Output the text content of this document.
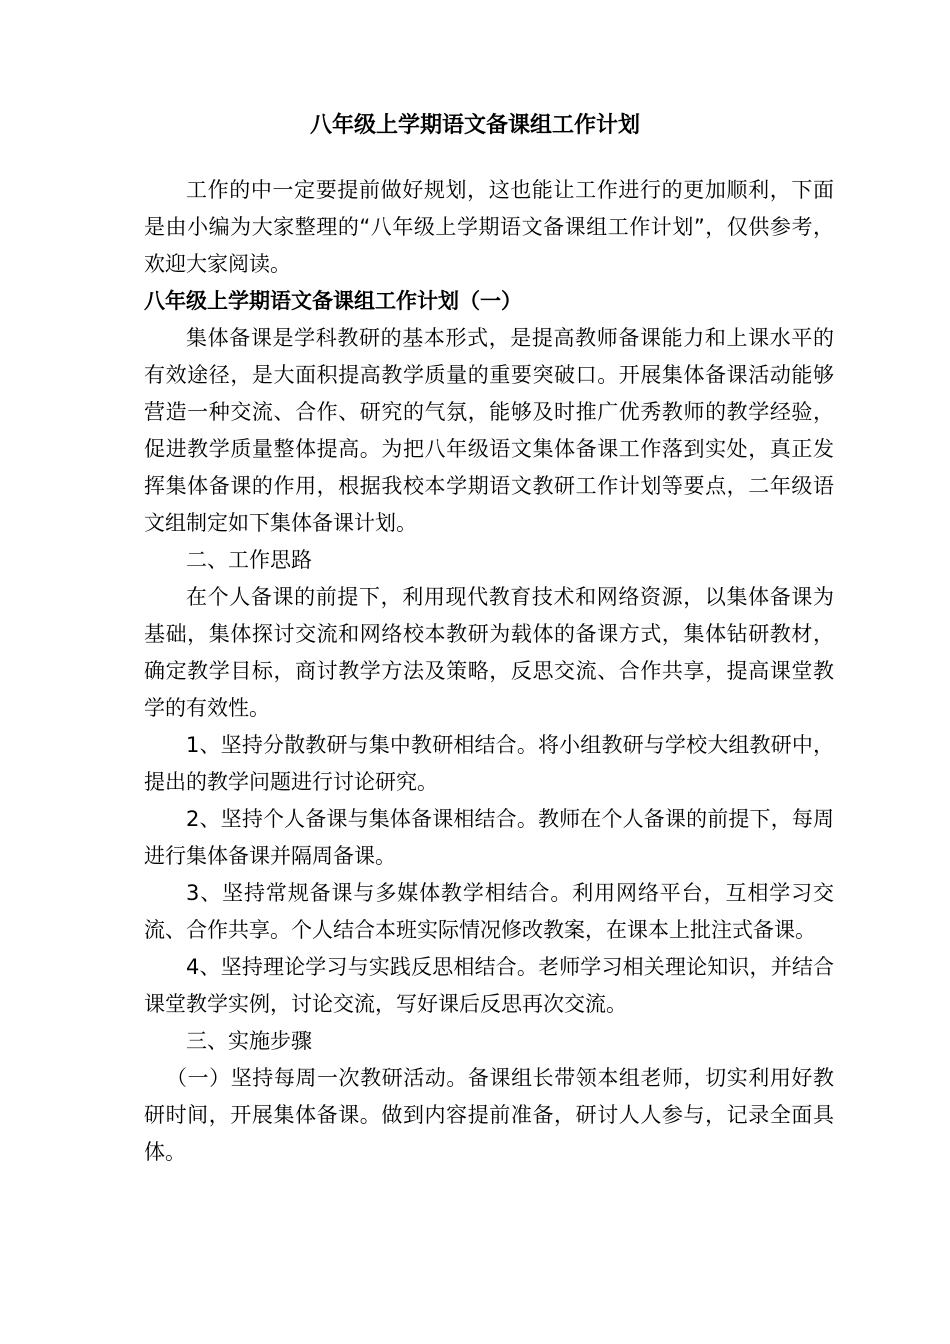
八年级上学期语文备课组工作计划

工作的中一定要提前做好规划，这也能让工作进行的更加顺利，下面是由小编为大家整理的“八年级上学期语文备课组工作计划”，仅供参考，欢迎大家阅读。

八年级上学期语文备课组工作计划（一）

集体备课是学科教研的基本形式，是提高教师备课能力和上课水平的有效途径，是大面积提高教学质量的重要突破口。开展集体备课活动能够营造一种交流、合作、研究的气氛，能够及时推广优秀教师的教学经验，促进教学质量整体提高。为把八年级语文集体备课工作落到实处，真正发挥集体备课的作用，根据我校本学期语文教研工作计划等要点，二年级语文组制定如下集体备课计划。

二、工作思路

在个人备课的前提下，利用现代教育技术和网络资源，以集体备课为基础，集体探讨交流和网络校本教研为载体的备课方式，集体钻研教材，确定教学目标，商讨教学方法及策略，反思交流、合作共享，提高课堂教学的有效性。

1、坚持分散教研与集中教研相结合。将小组教研与学校大组教研中，提出的教学问题进行讨论研究。

2、坚持个人备课与集体备课相结合。教师在个人备课的前提下，每周进行集体备课并隔周备课。

3、坚持常规备课与多媒体教学相结合。利用网络平台，互相学习交流、合作共享。个人结合本班实际情况修改教案，在课本上批注式备课。

4、坚持理论学习与实践反思相结合。老师学习相关理论知识，并结合课堂教学实例，讨论交流，写好课后反思再次交流。

三、实施步骤

（一）坚持每周一次教研活动。备课组长带领本组老师，切实利用好教研时间，开展集体备课。做到内容提前准备，研讨人人参与，记录全面具体。
